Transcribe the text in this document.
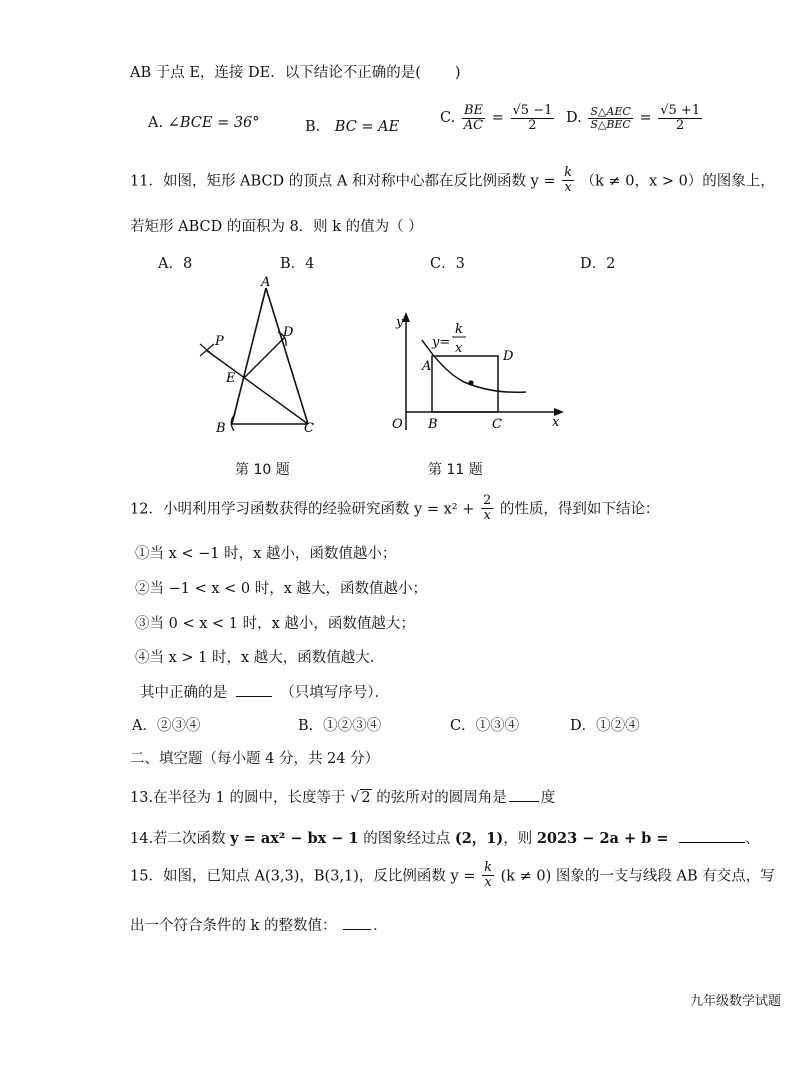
AB 于点 E，连接 DE．以下结论不正确的是( )
A. ∠BCE = 36°	B． BC = AE
C. $\frac{BE}{AC} = \frac{√5 -1}{2} D$. $\frac{\text{S△AEC}}{\text{S△BEC}} = \frac{√5 +1}{2}$
11．如图，矩形 ABCD 的顶点 A 和对称中心都在反比例函数 $y = \frac{k}{x} (k \ne 0$，x > 0）的图象上，
若矩形 ABCD 的面积为 8．则 k 的值为（ ）
A．8	B．4	C．3	D．2
A
B	C
D
E
P
第 10 题
y
x
O
A
B	C
D
y=
k
x
第 11 题
12．小明利用学习函数获得的经验研究函数 $y = x^2 + \frac{2}{x}$ 的性质，得到如下结论：
①当 x < −1 时，x 越小，函数值越小；
②当 −1 < x < 0 时，x 越大，函数值越小；
③当 0 < x < 1 时，x 越小，函数值越大；
④当 x > 1 时，x 越大，函数值越大．
其中正确的是	（只填写序号）．
A．②③④	B．①②③④	C．①③④	D．①②④
二、填空题（每小题 4 分，共 24 分）
13.在半径为 1 的圆中，长度等于 √ 2 的弦所对的圆周角是 度
14.若二次函数 y = ax² − bx − 1 的图象经过点 (2，1)，则 2023 − 2a + b =	、
15．如图，已知点 A(3,3)，B(3,1)，反比例函数 $y = \frac{k}{x} (k \ne 0)$ 图象的一支与线段 AB 有交点，写
出一个符合条件的 k 的整数值：	．
九年级数学试题
